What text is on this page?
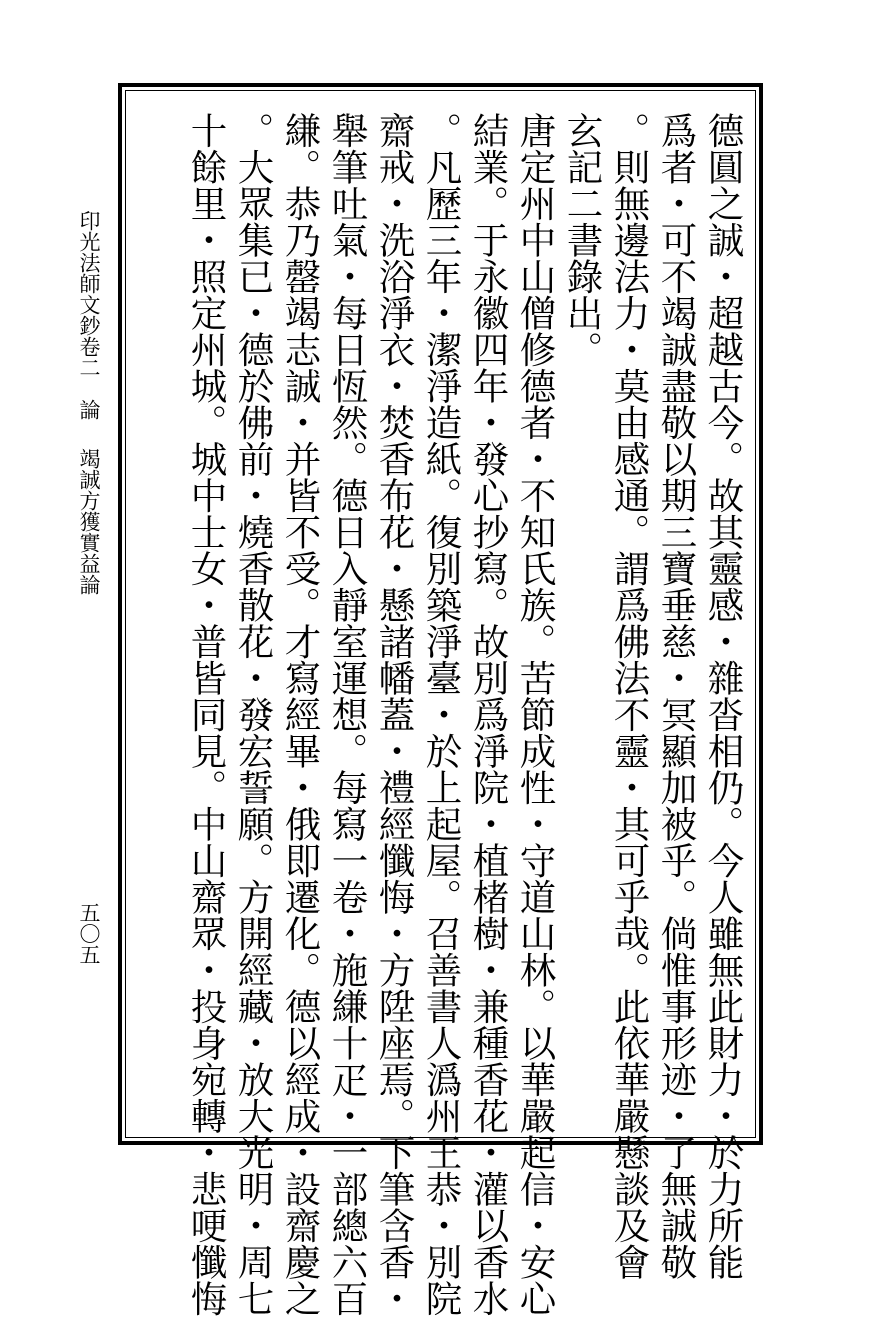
德圓之誠・超越古今。故其靈感・雜沓相仍。今人雖無此財力・於力所能
爲者・可不竭誠盡敬以期三寶垂慈・冥顯加被乎。倘惟事形迹・了無誠敬
。則無邊法力・莫由感通。謂爲佛法不靈・其可乎哉。此依華嚴懸談及會
玄記二書錄出。
唐定州中山僧修德者・不知氏族。苦節成性・守道山林。以華嚴起信・安心
結業。于永徽四年・發心抄寫。故別爲淨院・植楮樹・兼種香花・灌以香水
。凡歷三年・潔淨造紙。復別築淨臺・於上起屋。召善書人潙州王恭・別院
齋戒・洗浴淨衣・焚香布花・懸諸幡蓋・禮經懺悔・方陞座焉。下筆含香・
舉筆吐氣・每日恆然。德日入靜室運想。每寫一卷・施縑十疋・一部總六百
縑。恭乃罄竭志誠・并皆不受。才寫經畢・俄即遷化。德以經成・設齋慶之
。大眾集已・德於佛前・燒香散花・發宏誓願。方開經藏・放大光明・周七
十餘里・照定州城。城中士女・普皆同見。中山齋眾・投身宛轉・悲哽懺悔
印光法師文鈔卷二　論
竭誠方獲實益論
五〇五
